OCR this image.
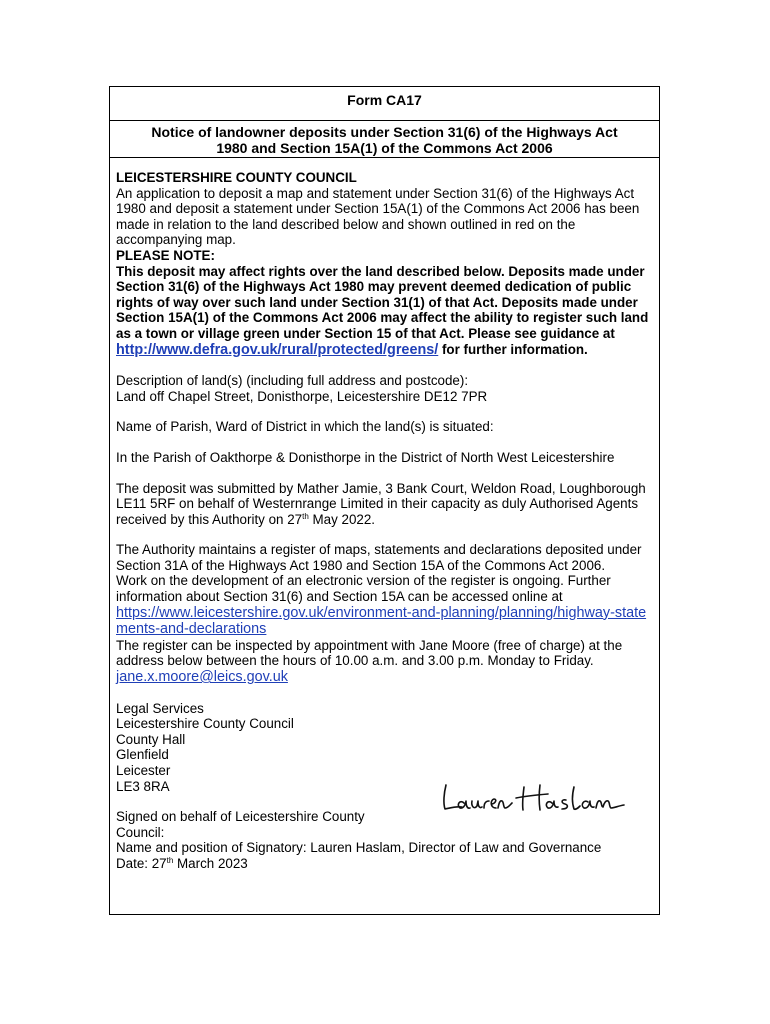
Form CA17
Notice of landowner deposits under Section 31(6) of the Highways Act
1980 and Section 15A(1) of the Commons Act 2006

LEICESTERSHIRE COUNTY COUNCIL

An application to deposit a map and statement under Section 31(6) of the Highways Act 1980 and deposit a statement under Section 15A(1) of the Commons Act 2006 has been made in relation to the land described below and shown outlined in red on the accompanying map.

PLEASE NOTE:

This deposit may affect rights over the land described below. Deposits made under Section 31(6) of the Highways Act 1980 may prevent deemed dedication of public rights of way over such land under Section 31(1) of that Act. Deposits made under Section 15A(1) of the Commons Act 2006 may affect the ability to register such land as a town or village green under Section 15 of that Act. Please see guidance at

http://www.defra.gov.uk/rural/protected/greens/ for further information.

Description of land(s) (including full address and postcode):

Land off Chapel Street, Donisthorpe, Leicestershire DE12 7PR

Name of Parish, Ward of District in which the land(s) is situated:

In the Parish of Oakthorpe & Donisthorpe in the District of North West Leicestershire

The deposit was submitted by Mather Jamie, 3 Bank Court, Weldon Road, Loughborough LE11 5RF on behalf of Westernrange Limited in their capacity as duly Authorised Agents received by this Authority on 27th May 2022.

The Authority maintains a register of maps, statements and declarations deposited under Section 31A of the Highways Act 1980 and Section 15A of the Commons Act 2006.

Work on the development of an electronic version of the register is ongoing. Further information about Section 31(6) and Section 15A can be accessed online at

https://www.leicestershire.gov.uk/environment-and-planning/planning/highway-statements-and-declarations

The register can be inspected by appointment with Jane Moore (free of charge) at the address below between the hours of 10.00 a.m. and 3.00 p.m. Monday to Friday.

jane.x.moore@leics.gov.uk

Legal Services

Leicestershire County Council

County Hall

Glenfield

Leicester

LE3 8RA

Signed on behalf of Leicestershire County Council:

Name and position of Signatory: Lauren Haslam, Director of Law and Governance

Date: 27th March 2023
